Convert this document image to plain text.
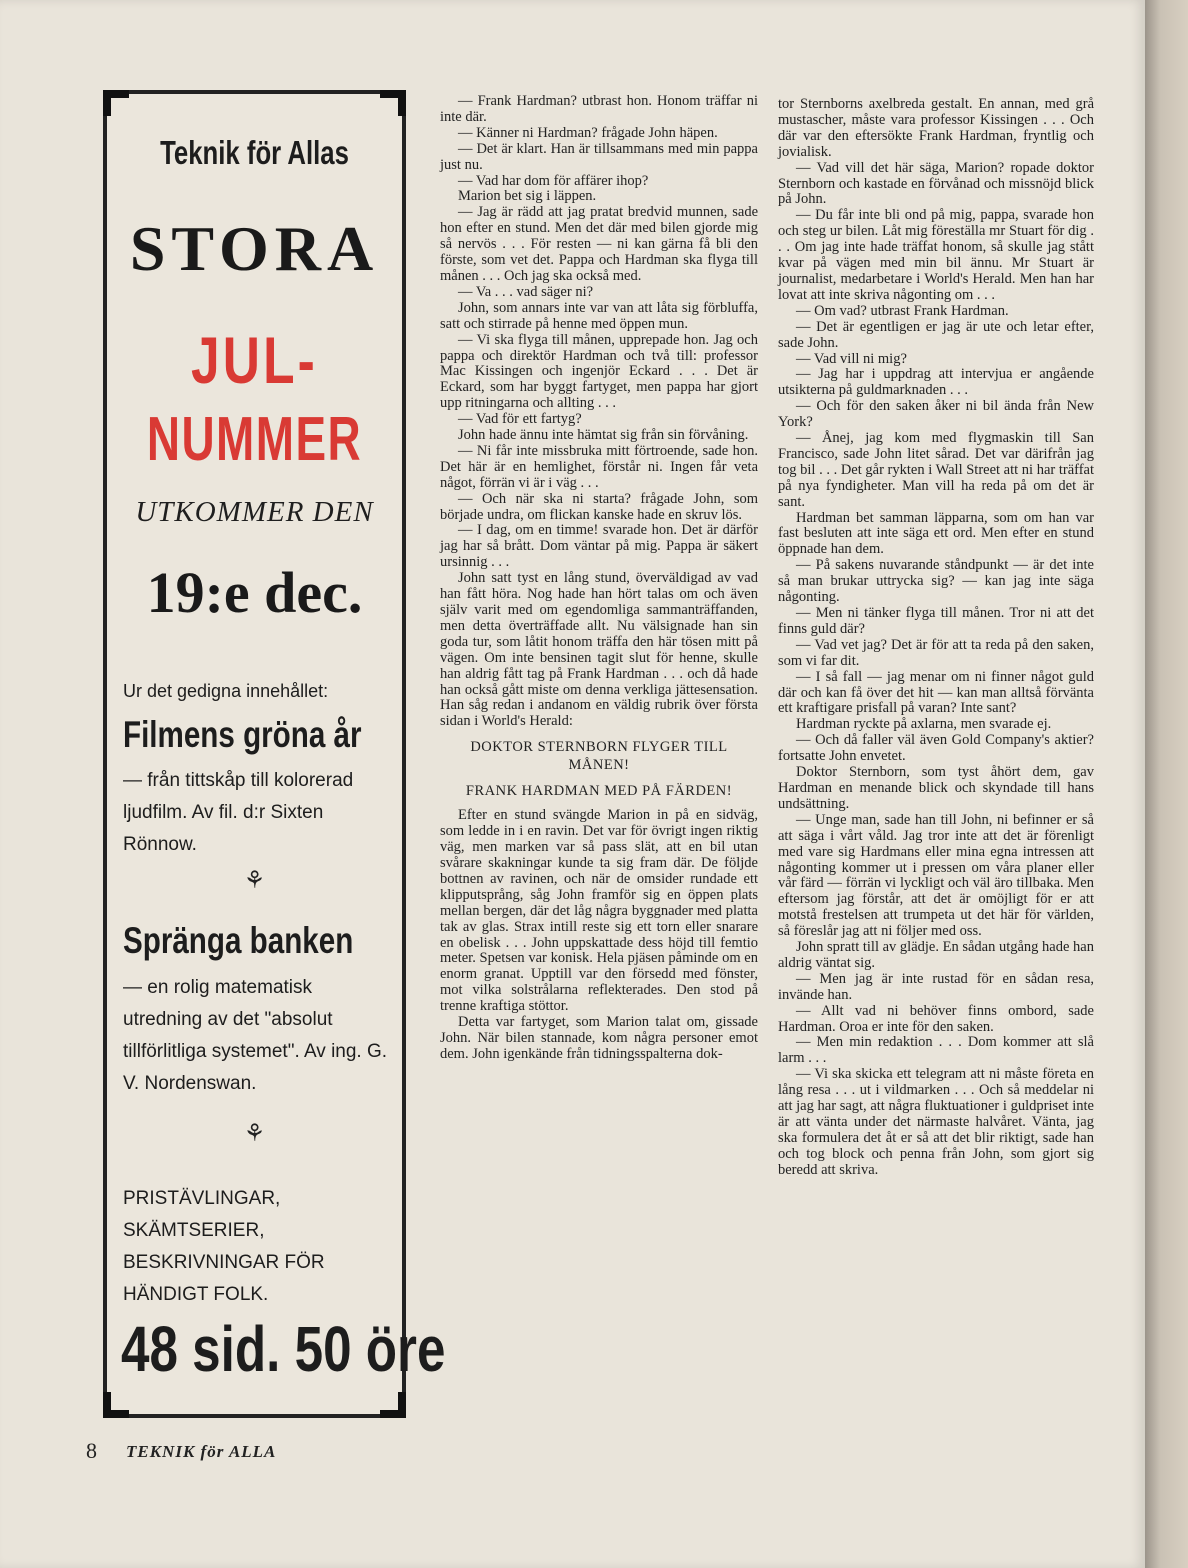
Teknik för Allas

STORA

JUL-

NUMMER

UTKOMMER DEN

19:e dec.

Ur det gedigna innehållet:

Filmens gröna år

— från tittskåp till kolorerad ljudfilm. Av fil. d:r Sixten Rönnow.

⚘

Spränga banken

— en rolig matematisk utredning av det "absolut tillförlitliga systemet". Av ing. G. V. Nordenswan.

⚘

PRISTÄVLINGAR, SKÄMTSERIER, BESKRIVNINGAR FÖR HÄNDIGT FOLK.

48 sid. 50 öre

8 TEKNIK för ALLA

— Frank Hardman? utbrast hon. Honom träffar ni inte där.

— Känner ni Hardman? frågade John häpen.

— Det är klart. Han är tillsammans med min pappa just nu.

— Vad har dom för affärer ihop?

Marion bet sig i läppen.

— Jag är rädd att jag pratat bredvid munnen, sade hon efter en stund. Men det där med bilen gjorde mig så nervös . . . För resten — ni kan gärna få bli den förste, som vet det. Pappa och Hardman ska flyga till månen . . . Och jag ska också med.

— Va . . . vad säger ni?

John, som annars inte var van att låta sig förbluffa, satt och stirrade på henne med öppen mun.

— Vi ska flyga till månen, upprepade hon. Jag och pappa och direktör Hardman och två till: professor Mac Kissingen och ingenjör Eckard . . . Det är Eckard, som har byggt fartyget, men pappa har gjort upp ritningarna och allting . . .

— Vad för ett fartyg?

John hade ännu inte hämtat sig från sin förvåning.

— Ni får inte missbruka mitt förtroende, sade hon. Det här är en hemlighet, förstår ni. Ingen får veta något, förrän vi är i väg . . .

— Och när ska ni starta? frågade John, som började undra, om flickan kanske hade en skruv lös.

— I dag, om en timme! svarade hon. Det är därför jag har så brått. Dom väntar på mig. Pappa är säkert ursinnig . . .

John satt tyst en lång stund, överväldigad av vad han fått höra. Nog hade han hört talas om och även själv varit med om egendomliga sammanträffanden, men detta överträffade allt. Nu välsignade han sin goda tur, som låtit honom träffa den här tösen mitt på vägen. Om inte bensinen tagit slut för henne, skulle han aldrig fått tag på Frank Hardman . . . och då hade han också gått miste om denna verkliga jättesensation. Han såg redan i andanom en väldig rubrik över första sidan i World's Herald:

DOKTOR STERNBORN FLYGER TILL MÅNEN!

FRANK HARDMAN MED PÅ FÄRDEN!

Efter en stund svängde Marion in på en sidväg, som ledde in i en ravin. Det var för övrigt ingen riktig väg, men marken var så pass slät, att en bil utan svårare skakningar kunde ta sig fram där. De följde bottnen av ravinen, och när de omsider rundade ett klipputsprång, såg John framför sig en öppen plats mellan bergen, där det låg några byggnader med platta tak av glas. Strax intill reste sig ett torn eller snarare en obelisk . . . John uppskattade dess höjd till femtio meter. Spetsen var konisk. Hela pjäsen påminde om en enorm granat. Upptill var den försedd med fönster, mot vilka solstrålarna reflekterades. Den stod på trenne kraftiga stöttor.

Detta var fartyget, som Marion talat om, gissade John. När bilen stannade, kom några personer emot dem. John igenkände från tidningsspalterna dok-

tor Sternborns axelbreda gestalt. En annan, med grå mustascher, måste vara professor Kissingen . . . Och där var den eftersökte Frank Hardman, fryntlig och jovialisk.

— Vad vill det här säga, Marion? ropade doktor Sternborn och kastade en förvånad och missnöjd blick på John.

— Du får inte bli ond på mig, pappa, svarade hon och steg ur bilen. Låt mig föreställa mr Stuart för dig . . . Om jag inte hade träffat honom, så skulle jag stått kvar på vägen med min bil ännu. Mr Stuart är journalist, medarbetare i World's Herald. Men han har lovat att inte skriva någonting om . . .

— Om vad? utbrast Frank Hardman.

— Det är egentligen er jag är ute och letar efter, sade John.

— Vad vill ni mig?

— Jag har i uppdrag att intervjua er angående utsikterna på guldmarknaden . . .

— Och för den saken åker ni bil ända från New York?

— Ånej, jag kom med flygmaskin till San Francisco, sade John litet sårad. Det var därifrån jag tog bil . . . Det går rykten i Wall Street att ni har träffat på nya fyndigheter. Man vill ha reda på om det är sant.

Hardman bet samman läpparna, som om han var fast besluten att inte säga ett ord. Men efter en stund öppnade han dem.

— På sakens nuvarande ståndpunkt — är det inte så man brukar uttrycka sig? — kan jag inte säga någonting.

— Men ni tänker flyga till månen. Tror ni att det finns guld där?

— Vad vet jag? Det är för att ta reda på den saken, som vi far dit.

— I så fall — jag menar om ni finner något guld där och kan få över det hit — kan man alltså förvänta ett kraftigare prisfall på varan? Inte sant?

Hardman ryckte på axlarna, men svarade ej.

— Och då faller väl även Gold Company's aktier? fortsatte John envetet.

Doktor Sternborn, som tyst åhört dem, gav Hardman en menande blick och skyndade till hans undsättning.

— Unge man, sade han till John, ni befinner er så att säga i vårt våld. Jag tror inte att det är förenligt med vare sig Hardmans eller mina egna intressen att någonting kommer ut i pressen om våra planer eller vår färd — förrän vi lyckligt och väl äro tillbaka. Men eftersom jag förstår, att det är omöjligt för er att motstå frestelsen att trumpeta ut det här för världen, så föreslår jag att ni följer med oss.

John spratt till av glädje. En sådan utgång hade han aldrig väntat sig.

— Men jag är inte rustad för en sådan resa, invände han.

— Allt vad ni behöver finns ombord, sade Hardman. Oroa er inte för den saken.

— Men min redaktion . . . Dom kommer att slå larm . . .

— Vi ska skicka ett telegram att ni måste företa en lång resa . . . ut i vildmarken . . . Och så meddelar ni att jag har sagt, att några fluktuationer i guldpriset inte är att vänta under det närmaste halvåret. Vänta, jag ska formulera det åt er så att det blir riktigt, sade han och tog block och penna från John, som gjort sig beredd att skriva.
